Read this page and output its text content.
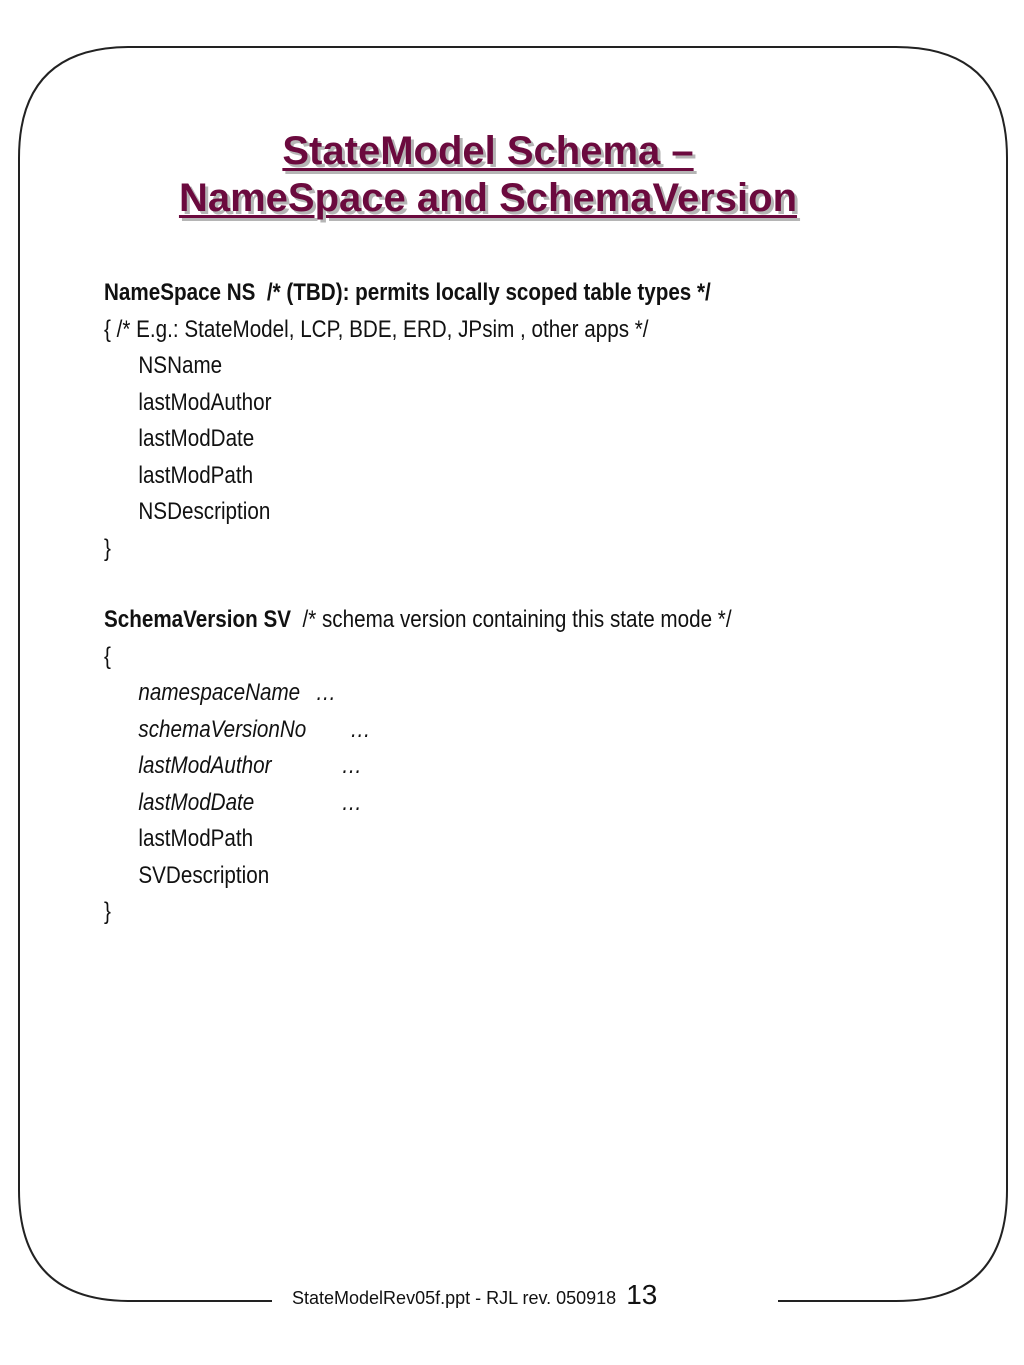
StateModel Schema –
NameSpace and SchemaVersion
NameSpace NS  /* (TBD): permits locally scoped table types */
{ /* E.g.: StateModel, LCP, BDE, ERD, JPsim , other apps */
NSName
lastModAuthor
lastModDate
lastModPath
NSDescription
}
SchemaVersion SV  /* schema version containing this state mode */
{
namespaceName …
schemaVersionNo …
lastModAuthor	…
lastModDate	…
lastModPath
SVDescription
}
StateModelRev05f.ppt - RJL rev. 050918 13
